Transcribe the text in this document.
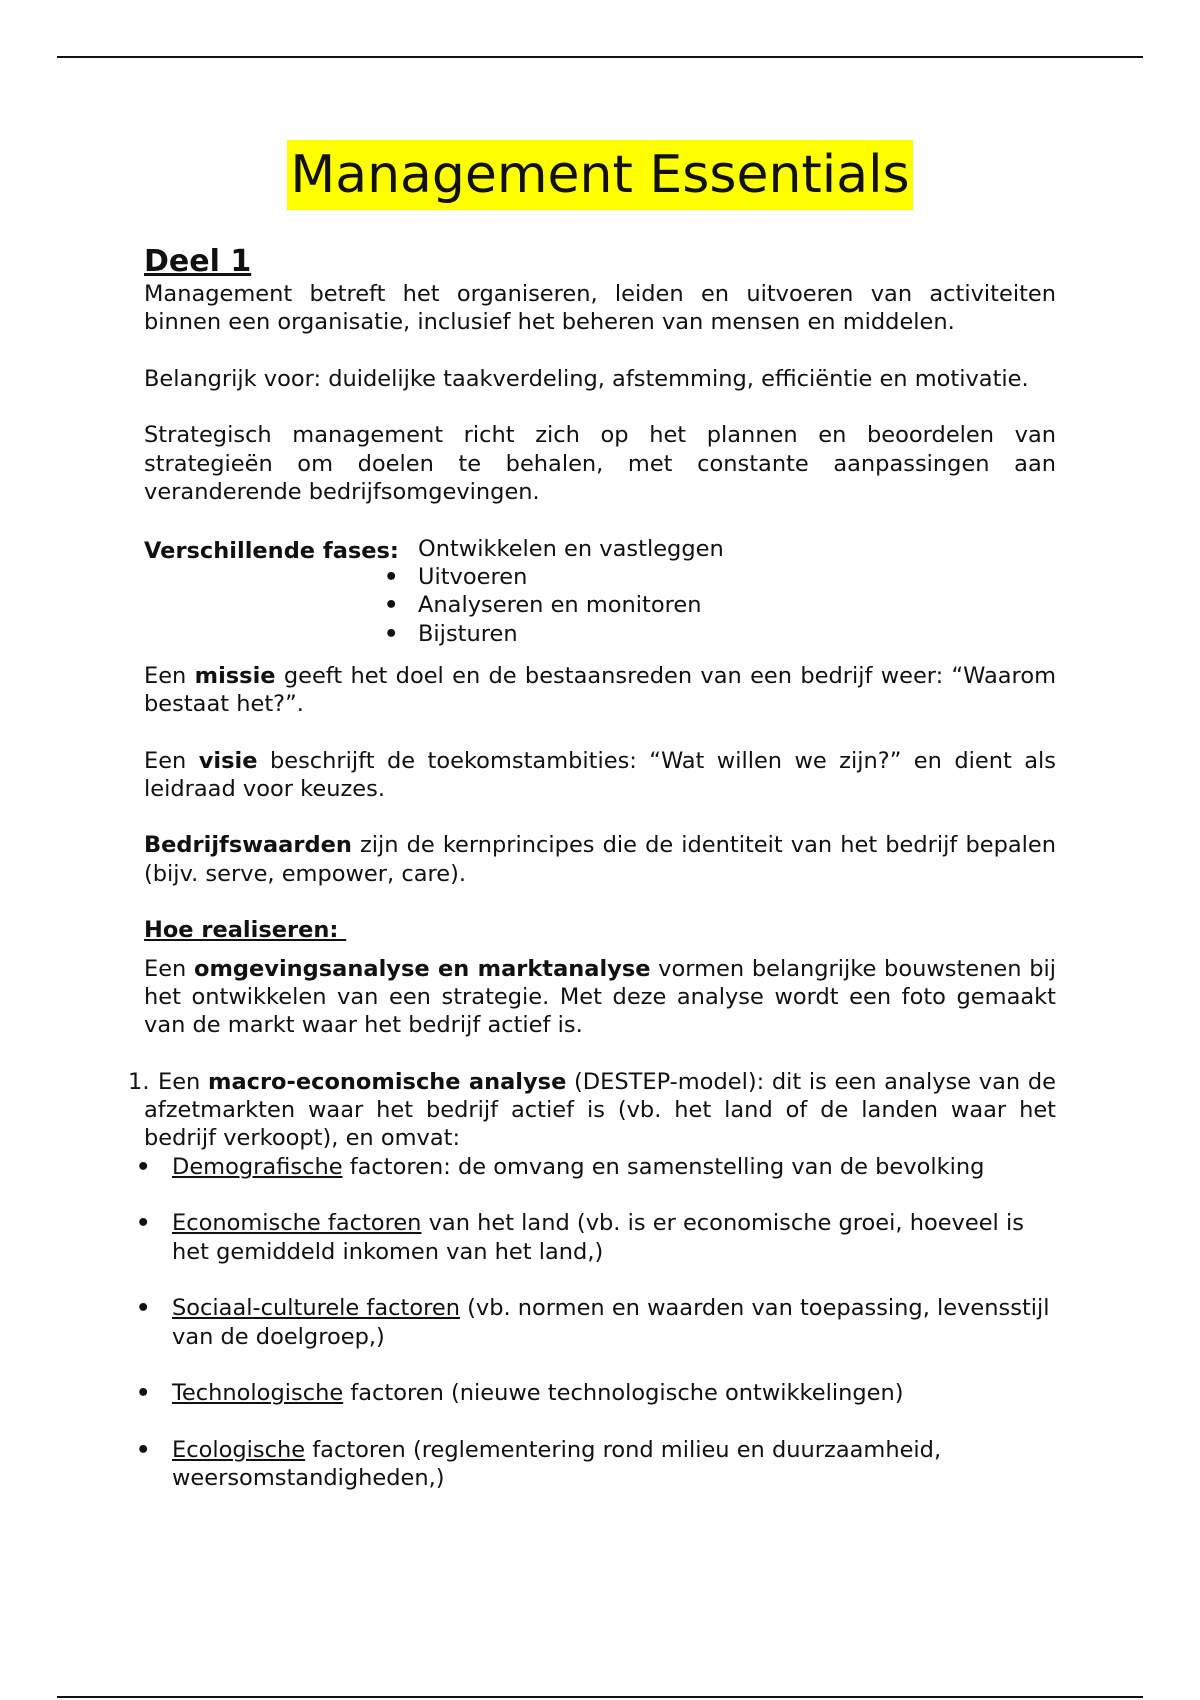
Management Essentials
Deel 1

Management betreft het organiseren, leiden en uitvoeren van activiteiten binnen een organisatie, inclusief het beheren van mensen en middelen.

Belangrijk voor: duidelijke taakverdeling, afstemming, efficiëntie en motivatie.

Strategisch management richt zich op het plannen en beoordelen van strategieën om doelen te behalen, met constante aanpassingen aan veranderende bedrijfsomgevingen.

Verschillende fases: Ontwikkelen en vastleggen
• Uitvoeren
• Analyseren en monitoren
• Bijsturen

Een missie geeft het doel en de bestaansreden van een bedrijf weer: “Waarom bestaat het?”.

Een visie beschrijft de toekomstambities: “Wat willen we zijn?” en dient als leidraad voor keuzes.

Bedrijfswaarden zijn de kernprincipes die de identiteit van het bedrijf bepalen (bijv. serve, empower, care).

Hoe realiseren:

Een omgevingsanalyse en marktanalyse vormen belangrijke bouwstenen bij het ontwikkelen van een strategie. Met deze analyse wordt een foto gemaakt van de markt waar het bedrijf actief is.

1. Een macro-economische analyse (DESTEP-model): dit is een analyse van de afzetmarkten waar het bedrijf actief is (vb. het land of de landen waar het bedrijf verkoopt), en omvat:

• Demografische factoren: de omvang en samenstelling van de bevolking
• Economische factoren van het land (vb. is er economische groei, hoeveel is het gemiddeld inkomen van het land,)
• Sociaal-culturele factoren (vb. normen en waarden van toepassing, levensstijl van de doelgroep,)
• Technologische factoren (nieuwe technologische ontwikkelingen)
• Ecologische factoren (reglementering rond milieu en duurzaamheid, weersomstandigheden,)
